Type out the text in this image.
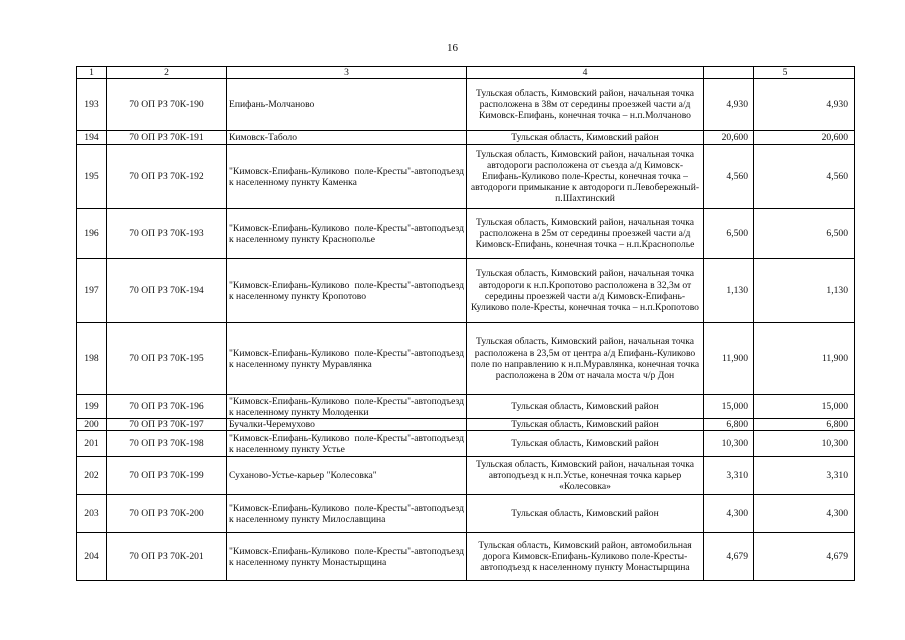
16
1	2	3	4		5
193	70 ОП РЗ 70К-190	Епифань-Молчаново	Тульская область, Кимовский район, начальная точка расположена в 38м от середины проезжей части а/д Кимовск-Епифань, конечная точка – н.п.Молчаново	4,930	4,930
194	70 ОП РЗ 70К-191	Кимовск-Таболо	Тульская область, Кимовский район	20,600	20,600
195	70 ОП РЗ 70К-192	"Кимовск-Епифань-Куликово поле-Кресты"-автоподъезд к населенному пункту Каменка	Тульская область, Кимовский район, начальная точка автодороги расположена от съезда а/д Кимовск-Епифань-Куликово поле-Кресты, конечная точка – автодороги примыкание к автодороги п.Левобережный-п.Шахтинский	4,560	4,560
196	70 ОП РЗ 70К-193	"Кимовск-Епифань-Куликово поле-Кресты"-автоподъезд к населенному пункту Краснополье	Тульская область, Кимовский район, начальная точка расположена в 25м от середины проезжей части а/д Кимовск-Епифань, конечная точка – н.п.Краснополье	6,500	6,500
197	70 ОП РЗ 70К-194	"Кимовск-Епифань-Куликово поле-Кресты"-автоподъезд к населенному пункту Кропотово	Тульская область, Кимовский район, начальная точка автодороги к н.п.Кропотово расположена в 32,3м от середины проезжей части а/д Кимовск-Епифань-Куликово поле-Кресты, конечная точка – н.п.Кропотово	1,130	1,130
198	70 ОП РЗ 70К-195	"Кимовск-Епифань-Куликово поле-Кресты"-автоподъезд к населенному пункту Муравлянка	Тульская область, Кимовский район, начальная точка расположена в 23,5м от центра а/д Епифань-Куликово поле по направлению к н.п.Муравлянка, конечная точка расположена в 20м от начала моста ч/р Дон	11,900	11,900
199	70 ОП РЗ 70К-196	"Кимовск-Епифань-Куликово поле-Кресты"-автоподъезд к населенному пункту Молоденки	Тульская область, Кимовский район	15,000	15,000
200	70 ОП РЗ 70К-197	Бучалки-Черемухово	Тульская область, Кимовский район	6,800	6,800
201	70 ОП РЗ 70К-198	"Кимовск-Епифань-Куликово поле-Кресты"-автоподъезд к населенному пункту Устье	Тульская область, Кимовский район	10,300	10,300
202	70 ОП РЗ 70К-199	Суханово-Устье-карьер "Колесовка"	Тульская область, Кимовский район, начальная точка автоподъезд к н.п.Устье, конечная точка карьер «Колесовка»	3,310	3,310
203	70 ОП РЗ 70К-200	"Кимовск-Епифань-Куликово поле-Кресты"-автоподъезд к населенному пункту Милославщина	Тульская область, Кимовский район	4,300	4,300
204	70 ОП РЗ 70К-201	"Кимовск-Епифань-Куликово поле-Кресты"-автоподъезд к населенному пункту Монастырщина	Тульская область, Кимовский район, автомобильная дорога Кимовск-Епифань-Куликово поле-Кресты-автоподъезд к населенному пункту Монастырщина	4,679	4,679
